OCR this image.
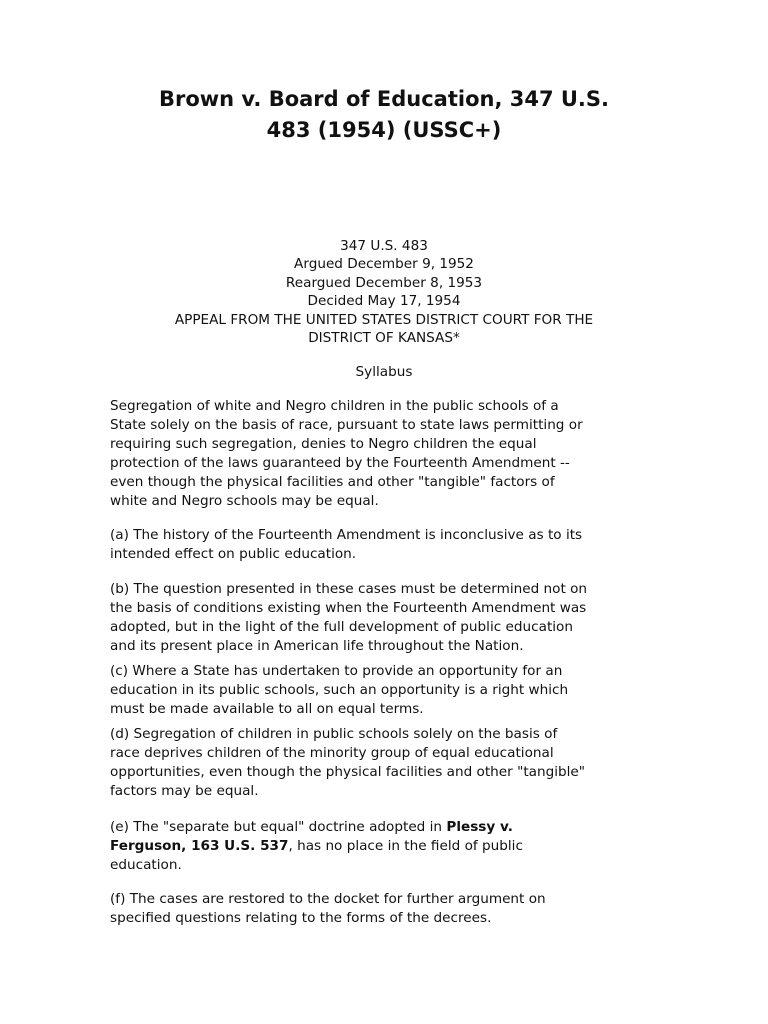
Brown v. Board of Education, 347 U.S.
483 (1954) (USSC+)
347 U.S. 483
Argued December 9, 1952
Reargued December 8, 1953
Decided May 17, 1954
APPEAL FROM THE UNITED STATES DISTRICT COURT FOR THE
DISTRICT OF KANSAS*
Syllabus
Segregation of white and Negro children in the public schools of a
State solely on the basis of race, pursuant to state laws permitting or
requiring such segregation, denies to Negro children the equal
protection of the laws guaranteed by the Fourteenth Amendment --
even though the physical facilities and other "tangible" factors of
white and Negro schools may be equal.
(a) The history of the Fourteenth Amendment is inconclusive as to its
intended effect on public education.
(b) The question presented in these cases must be determined not on
the basis of conditions existing when the Fourteenth Amendment was
adopted, but in the light of the full development of public education
and its present place in American life throughout the Nation.
(c) Where a State has undertaken to provide an opportunity for an
education in its public schools, such an opportunity is a right which
must be made available to all on equal terms.
(d) Segregation of children in public schools solely on the basis of
race deprives children of the minority group of equal educational
opportunities, even though the physical facilities and other "tangible"
factors may be equal.
(e) The "separate but equal" doctrine adopted in Plessy v.
Ferguson, 163 U.S. 537, has no place in the field of public
education.
(f) The cases are restored to the docket for further argument on
specified questions relating to the forms of the decrees.
